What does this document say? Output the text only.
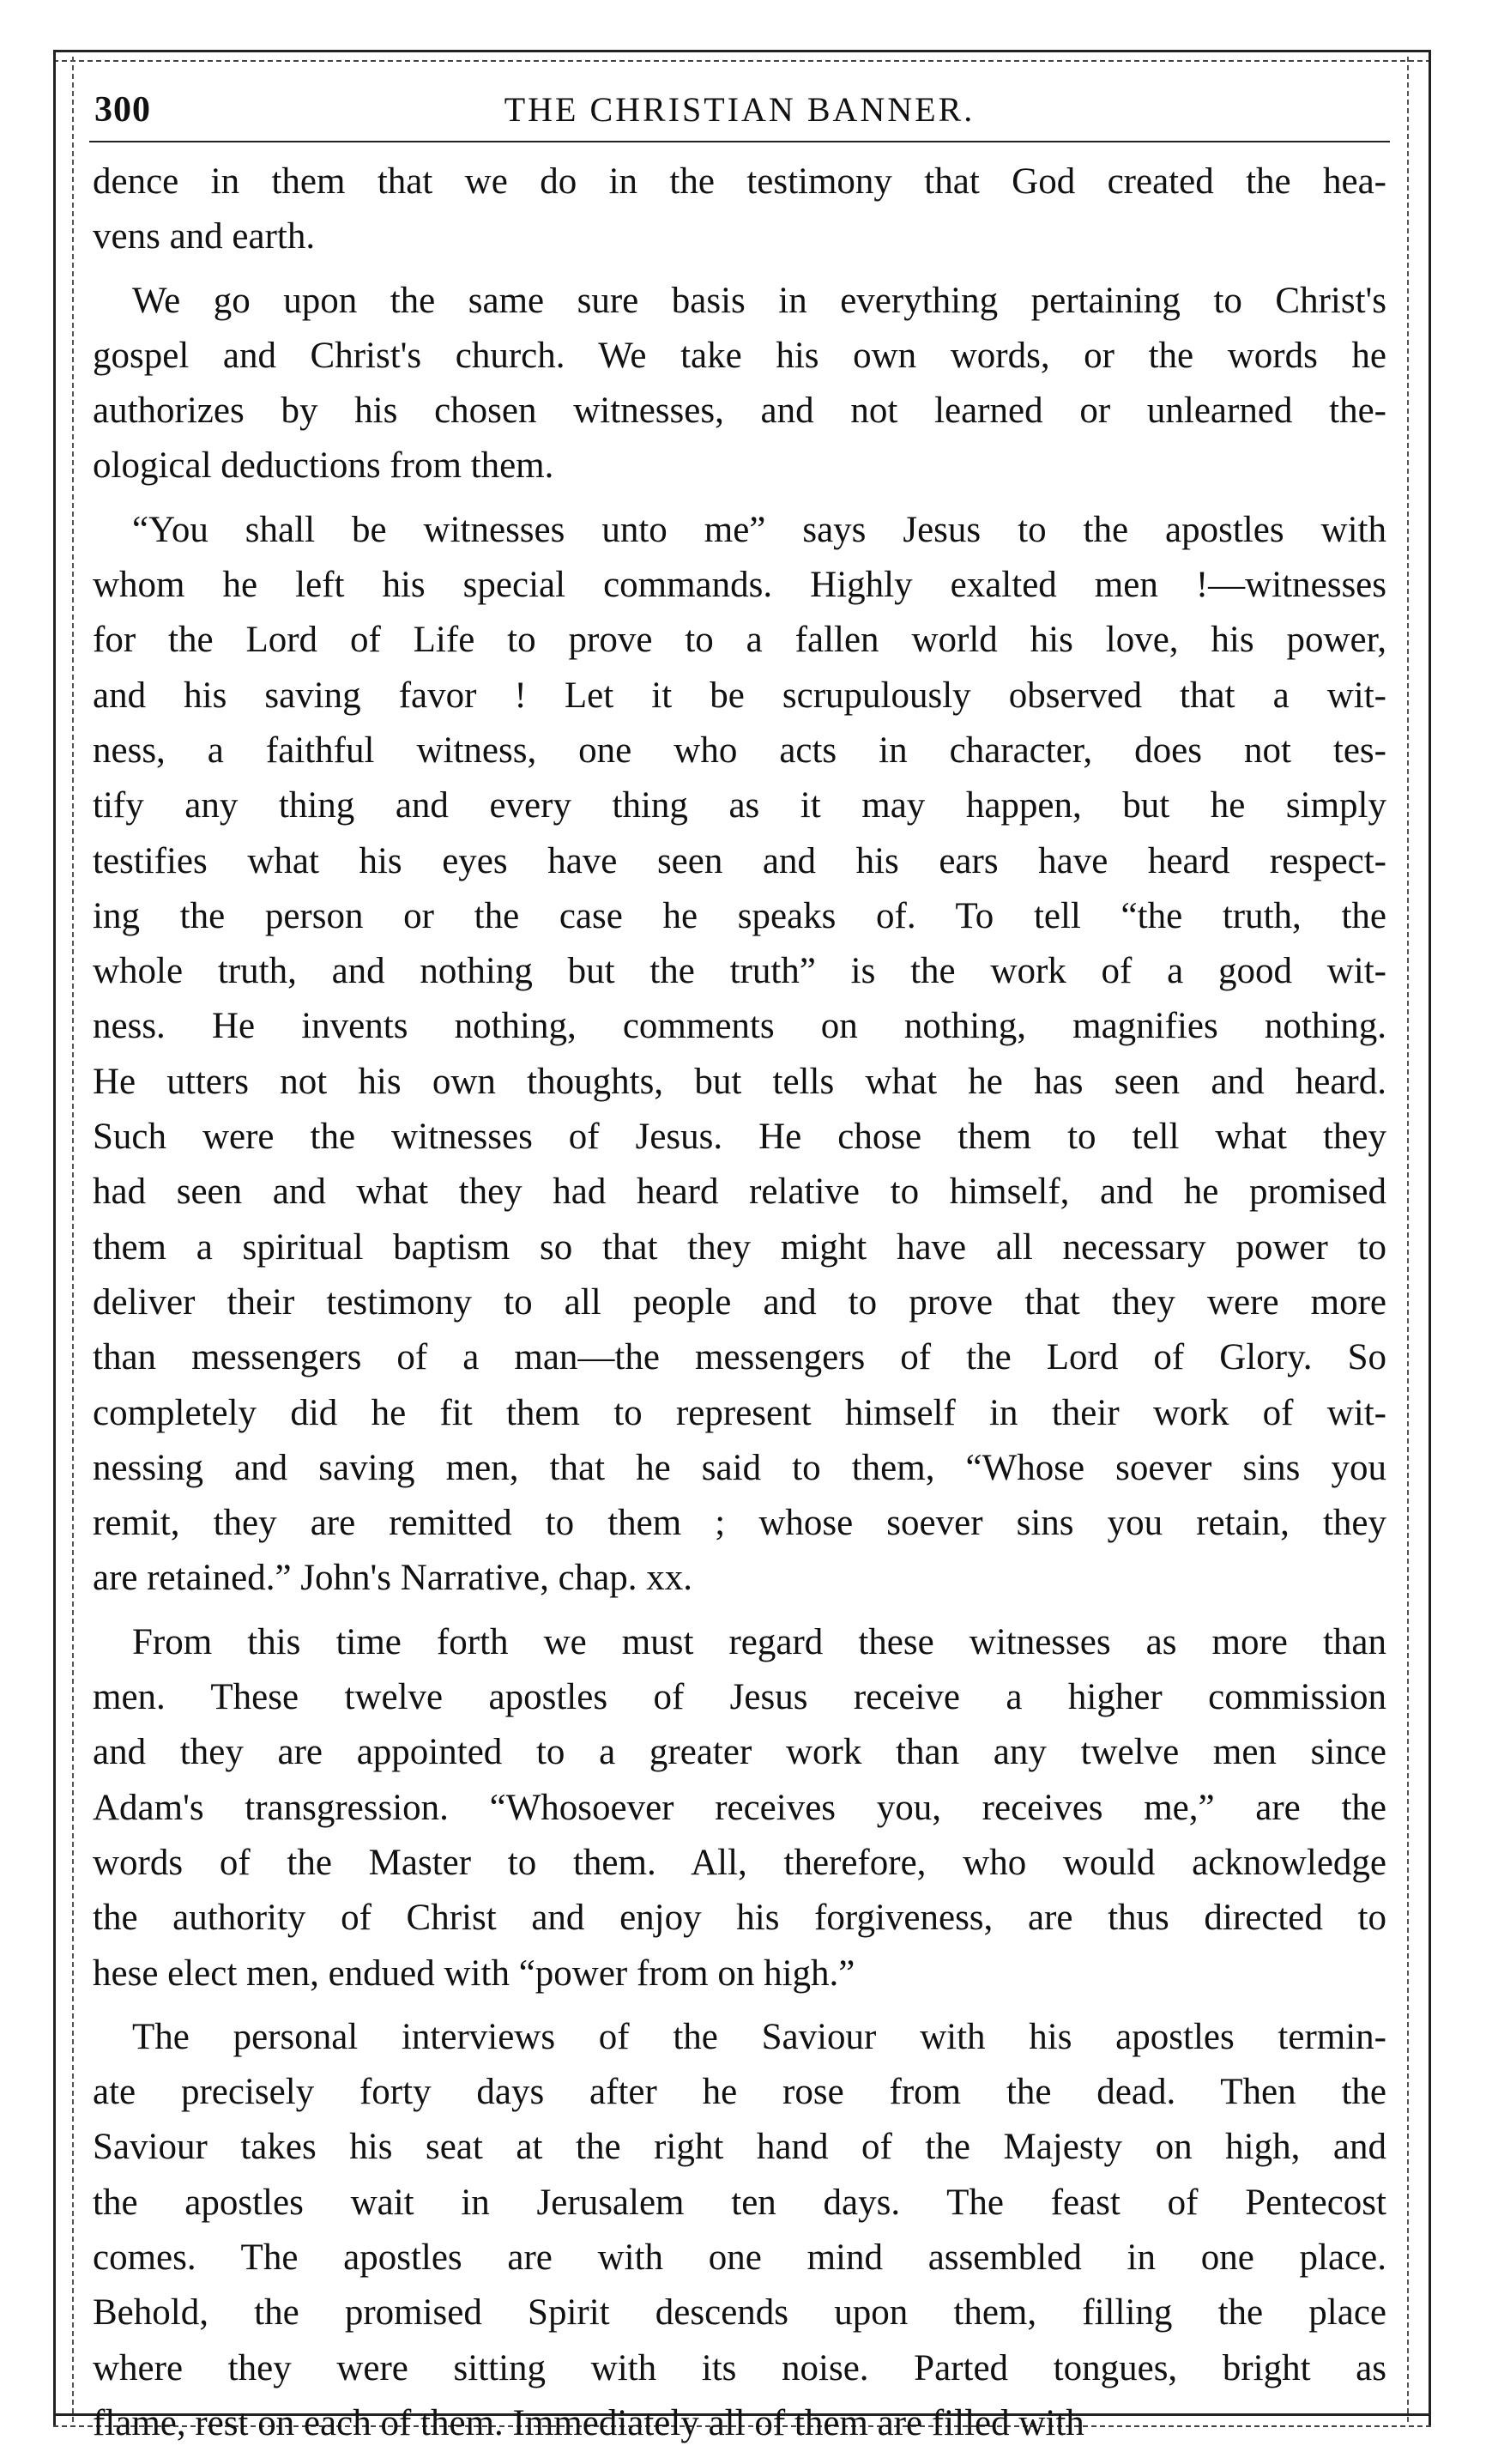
300	THE CHRISTIAN BANNER.
dence in them that we do in the testimony that God created the hea-
vens and earth.
We go upon the same sure basis in everything pertaining to Christ's
gospel and Christ's church. We take his own words, or the words he
authorizes by his chosen witnesses, and not learned or unlearned the-
ological deductions from them.
“You shall be witnesses unto me” says Jesus to the apostles with
whom he left his special commands. Highly exalted men !—witnesses
for the Lord of Life to prove to a fallen world his love, his power,
and his saving favor ! Let it be scrupulously observed that a wit-
ness, a faithful witness, one who acts in character, does not tes-
tify any thing and every thing as it may happen, but he simply
testifies what his eyes have seen and his ears have heard respect-
ing the person or the case he speaks of. To tell “the truth, the
whole truth, and nothing but the truth” is the work of a good wit-
ness. He invents nothing, comments on nothing, magnifies nothing.
He utters not his own thoughts, but tells what he has seen and heard.
Such were the witnesses of Jesus. He chose them to tell what they
had seen and what they had heard relative to himself, and he promised
them a spiritual baptism so that they might have all necessary power to
deliver their testimony to all people and to prove that they were more
than messengers of a man—the messengers of the Lord of Glory. So
completely did he fit them to represent himself in their work of wit-
nessing and saving men, that he said to them, “Whose soever sins you
remit, they are remitted to them ; whose soever sins you retain, they
are retained.” John's Narrative, chap. xx.
From this time forth we must regard these witnesses as more than
men. These twelve apostles of Jesus receive a higher commission
and they are appointed to a greater work than any twelve men since
Adam's transgression. “Whosoever receives you, receives me,” are the
words of the Master to them. All, therefore, who would acknowledge
the authority of Christ and enjoy his forgiveness, are thus directed to
hese elect men, endued with “power from on high.”
The personal interviews of the Saviour with his apostles termin-
ate precisely forty days after he rose from the dead. Then the
Saviour takes his seat at the right hand of the Majesty on high, and
the apostles wait in Jerusalem ten days. The feast of Pentecost
comes. The apostles are with one mind assembled in one place.
Behold, the promised Spirit descends upon them, filling the place
where they were sitting with its noise. Parted tongues, bright as
flame, rest on each of them. Immediately all of them are filled with
